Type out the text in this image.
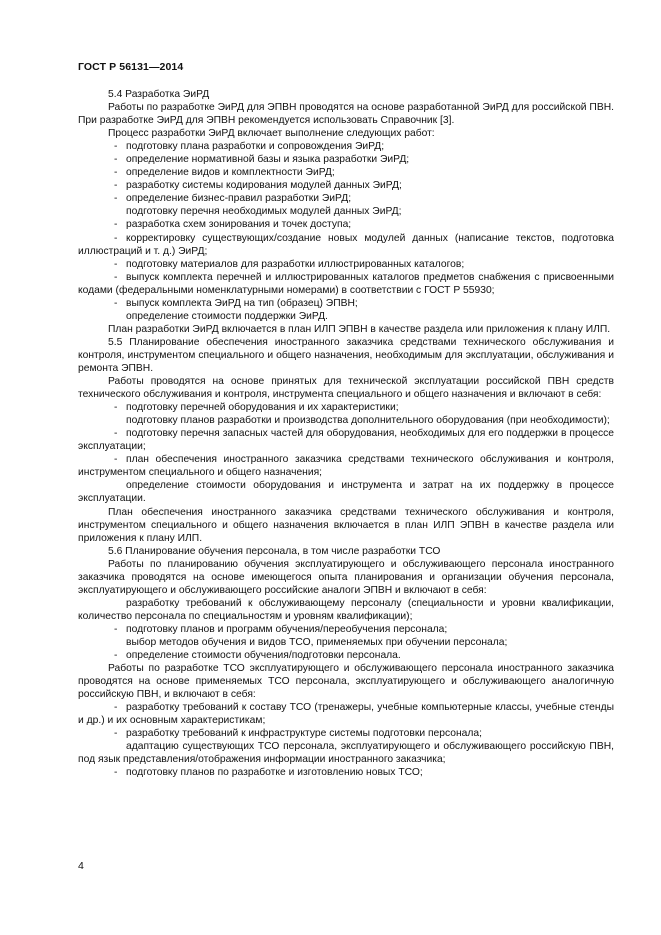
ГОСТ Р 56131—2014

5.4 Разработка ЭиРД

Работы по разработке ЭиРД для ЭПВН проводятся на основе разработанной ЭиРД для российской ПВН. При разработке ЭиРД для ЭПВН рекомендуется использовать Справочник [3].

Процесс разработки ЭиРД включает выполнение следующих работ:

- подготовку плана разработки и сопровождения ЭиРД;

- определение нормативной базы и языка разработки ЭиРД;

- определение видов и комплектности ЭиРД;

- разработку системы кодирования модулей данных ЭиРД;

- определение бизнес-правил разработки ЭиРД;

подготовку перечня необходимых модулей данных ЭиРД;

- разработка схем зонирования и точек доступа;

- корректировку существующих/создание новых модулей данных (написание текстов, подготовка иллюстраций и т. д.) ЭиРД;

- подготовку материалов для разработки иллюстрированных каталогов;

- выпуск комплекта перечней и иллюстрированных каталогов предметов снабжения с присвоенными кодами (федеральными номенклатурными номерами) в соответствии с ГОСТ Р 55930;

- выпуск комплекта ЭиРД на тип (образец) ЭПВН;

определение стоимости поддержки ЭиРД.

План разработки ЭиРД включается в план ИЛП ЭПВН в качестве раздела или приложения к плану ИЛП.

5.5 Планирование обеспечения иностранного заказчика средствами технического обслуживания и контроля, инструментом специального и общего назначения, необходимым для эксплуатации, обслуживания и ремонта ЭПВН.

Работы проводятся на основе принятых для технической эксплуатации российской ПВН средств технического обслуживания и контроля, инструмента специального и общего назначения и включают в себя:

- подготовку перечней оборудования и их характеристики;

подготовку планов разработки и производства дополнительного оборудования (при необходимости);

- подготовку перечня запасных частей для оборудования, необходимых для его поддержки в процессе эксплуатации;

- план обеспечения иностранного заказчика средствами технического обслуживания и контроля, инструментом специального и общего назначения;

определение стоимости оборудования и инструмента и затрат на их поддержку в процессе эксплуатации.

План обеспечения иностранного заказчика средствами технического обслуживания и контроля, инструментом специального и общего назначения включается в план ИЛП ЭПВН в качестве раздела или приложения к плану ИЛП.

5.6 Планирование обучения персонала, в том числе разработки ТСО

Работы по планированию обучения эксплуатирующего и обслуживающего персонала иностранного заказчика проводятся на основе имеющегося опыта планирования и организации обучения персонала, эксплуатирующего и обслуживающего российские аналоги ЭПВН и включают в себя:

разработку требований к обслуживающему персоналу (специальности и уровни квалификации, количество персонала по специальностям и уровням квалификации);

- подготовку планов и программ обучения/переобучения персонала;

выбор методов обучения и видов ТСО, применяемых при обучении персонала;

- определение стоимости обучения/подготовки персонала.

Работы по разработке ТСО эксплуатирующего и обслуживающего персонала иностранного заказчика проводятся на основе применяемых ТСО персонала, эксплуатирующего и обслуживающего аналогичную российскую ПВН, и включают в себя:

- разработку требований к составу ТСО (тренажеры, учебные компьютерные классы, учебные стенды и др.) и их основным характеристикам;

- разработку требований к инфраструктуре системы подготовки персонала;

адаптацию существующих ТСО персонала, эксплуатирующего и обслуживающего российскую ПВН, под язык представления/отображения информации иностранного заказчика;

- подготовку планов по разработке и изготовлению новых ТСО;

4
